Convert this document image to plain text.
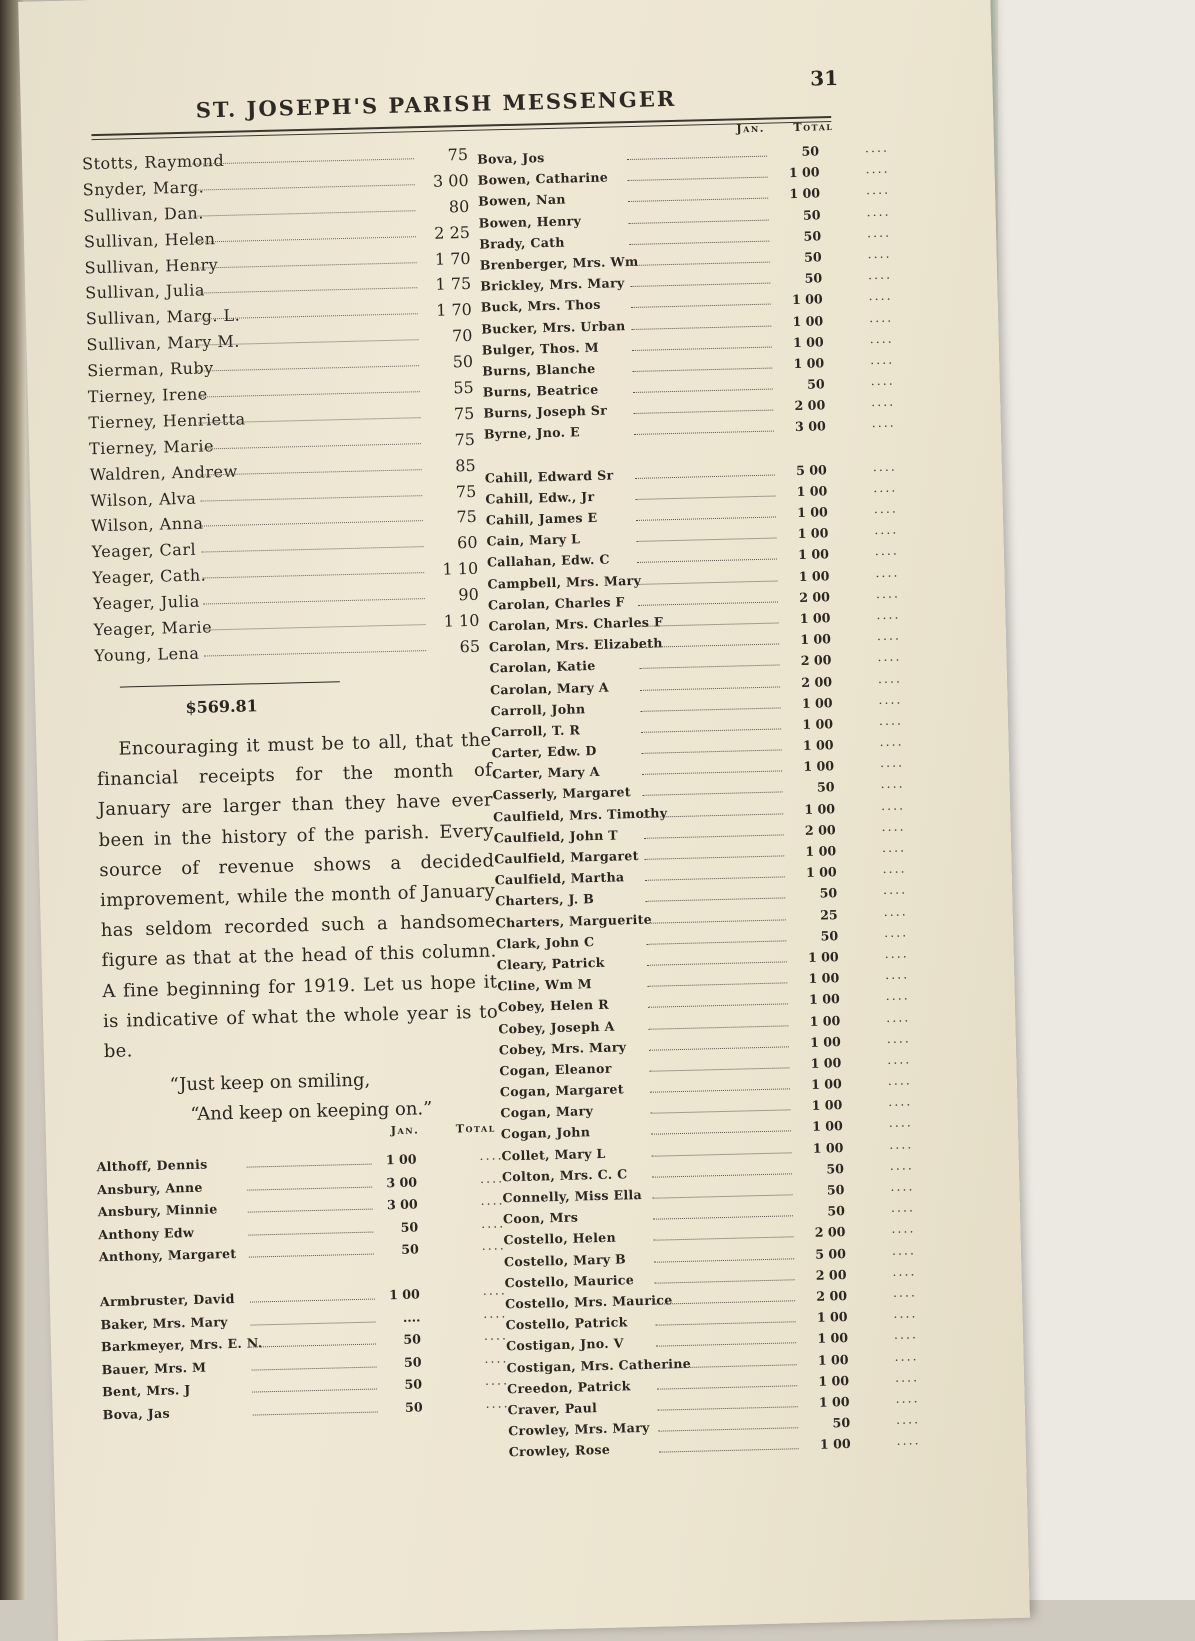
ST. JOSEPH'S PARISH MESSENGER
31
Stotts, Raymond	75
Snyder, Marg.	3 00
Sullivan, Dan.	80
Sullivan, Helen	2 25
Sullivan, Henry	1 70
Sullivan, Julia	1 75
Sullivan, Marg. L.	1 70
Sullivan, Mary M.	70
Sierman, Ruby	50
Tierney, Irene	55
Tierney, Henrietta	75
Tierney, Marie	75
Waldren, Andrew	85
Wilson, Alva	75
Wilson, Anna	75
Yeager, Carl	60
Yeager, Cath.	1 10
Yeager, Julia	90
Yeager, Marie	1 10
Young, Lena	65
$569.81
Encouraging it must be to all, that the financial receipts for the month of January are larger than they have ever been in the history of the parish. Every source of revenue shows a decided improvement, while the month of January has seldom recorded such a handsome figure as that at the head of this column. A fine beginning for 1919. Let us hope it is indicative of what the whole year is to be.
“Just keep on smiling,
“And keep on keeping on.”
Jan.	Total
Althoff, Dennis	1 00	....
Ansbury, Anne	3 00	....
Ansbury, Minnie	3 00	....
Anthony Edw	50	....
Anthony, Margaret	50	....
Armbruster, David	1 00	....
Baker, Mrs. Mary	....	....
Barkmeyer, Mrs. E. N.	50	....
Bauer, Mrs. M	50	....
Bent, Mrs. J	50	....
Bova, Jas	50	....
Jan.	Total
Bova, Jos	50	....
Bowen, Catharine	1 00	....
Bowen, Nan	1 00	....
Bowen, Henry	50	....
Brady, Cath	50	....
Brenberger, Mrs. Wm	50	....
Brickley, Mrs. Mary	50	....
Buck, Mrs. Thos	1 00	....
Bucker, Mrs. Urban	1 00	....
Bulger, Thos. M	1 00	....
Burns, Blanche	1 00	....
Burns, Beatrice	50	....
Burns, Joseph Sr	2 00	....
Byrne, Jno. E	3 00	....
Cahill, Edward Sr	5 00	....
Cahill, Edw., Jr	1 00	....
Cahill, James E	1 00	....
Cain, Mary L	1 00	....
Callahan, Edw. C	1 00	....
Campbell, Mrs. Mary	1 00	....
Carolan, Charles F	2 00	....
Carolan, Mrs. Charles F	1 00	....
Carolan, Mrs. Elizabeth	1 00	....
Carolan, Katie	2 00	....
Carolan, Mary A	2 00	....
Carroll, John	1 00	....
Carroll, T. R	1 00	....
Carter, Edw. D	1 00	....
Carter, Mary A	1 00	....
Casserly, Margaret	50	....
Caulfield, Mrs. Timothy	1 00	....
Caulfield, John T	2 00	....
Caulfield, Margaret	1 00	....
Caulfield, Martha	1 00	....
Charters, J. B	50	....
Charters, Marguerite	25	....
Clark, John C	50	....
Cleary, Patrick	1 00	....
Cline, Wm M	1 00	....
Cobey, Helen R	1 00	....
Cobey, Joseph A	1 00	....
Cobey, Mrs. Mary	1 00	....
Cogan, Eleanor	1 00	....
Cogan, Margaret	1 00	....
Cogan, Mary	1 00	....
Cogan, John	1 00	....
Collet, Mary L	1 00	....
Colton, Mrs. C. C	50	....
Connelly, Miss Ella	50	....
Coon, Mrs	50	....
Costello, Helen	2 00	....
Costello, Mary B	5 00	....
Costello, Maurice	2 00	....
Costello, Mrs. Maurice	2 00	....
Costello, Patrick	1 00	....
Costigan, Jno. V	1 00	....
Costigan, Mrs. Catherine	1 00	....
Creedon, Patrick	1 00	....
Craver, Paul	1 00	....
Crowley, Mrs. Mary	50	....
Crowley, Rose	1 00	....
